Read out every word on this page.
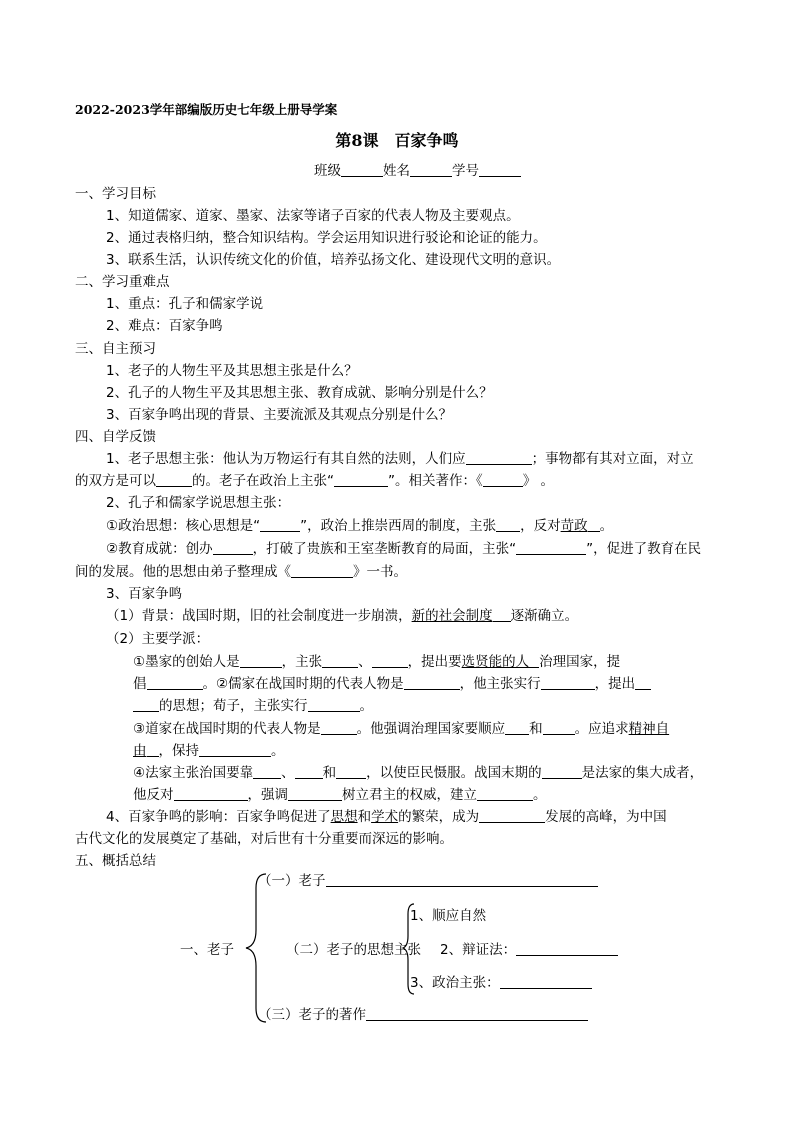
2022-2023学年部编版历史七年级上册导学案
第8课　百家争鸣
班级	姓名	学号
一、学习目标
1、知道儒家、道家、墨家、法家等诸子百家的代表人物及主要观点。
2、通过表格归纳，整合知识结构。学会运用知识进行驳论和论证的能力。
3、联系生活，认识传统文化的价值，培养弘扬文化、建设现代文明的意识。
二、学习重难点
1、重点：孔子和儒家学说
2、难点：百家争鸣
三、自主预习
1、老子的人物生平及其思想主张是什么？
2、孔子的人物生平及其思想主张、教育成就、影响分别是什么？
3、百家争鸣出现的背景、主要流派及其观点分别是什么？
四、自学反馈
1、老子思想主张：他认为万物运行有其自然的法则，人们应	；事物都有其对立面，对立
的双方是可以	的。老子在政治上主张“	”。相关著作：《	》 。
2、孔子和儒家学说思想主张：
①政治思想：核心思想是“	”，政治上推崇西周的制度，主张 ，反对苛政 。
②教育成就：创办	，打破了贵族和王室垄断教育的局面，主张“	”，促进了教育在民
间的发展。他的思想由弟子整理成《	》一书。
3、百家争鸣
（1）背景：战国时期，旧的社会制度进一步崩溃，新的社会制度 逐渐确立。
（2）主要学派：
①墨家的创始人是	，主张	、	，提出要选贤能的人 治理国家，提
倡	。②儒家在战国时期的代表人物是	，他主张实行	，提出
的思想；荀子，主张实行	。
③道家在战国时期的代表人物是	。他强调治理国家要顺应 和 。应追求精神自
由 ，保持	。
④法家主张治国要靠 、 和 ，以使臣民慑服。战国末期的	是法家的集大成者，
他反对	，强调	树立君主的权威，建立	。
4、百家争鸣的影响：百家争鸣促进了思想和学术的繁荣，成为	发展的高峰，为中国
古代文化的发展奠定了基础，对后世有十分重要而深远的影响。
五、概括总结
一、老子
（一）老子
（二）老子的思想主张
（三）老子的著作
1、顺应自然
2、辩证法：
3、政治主张：
